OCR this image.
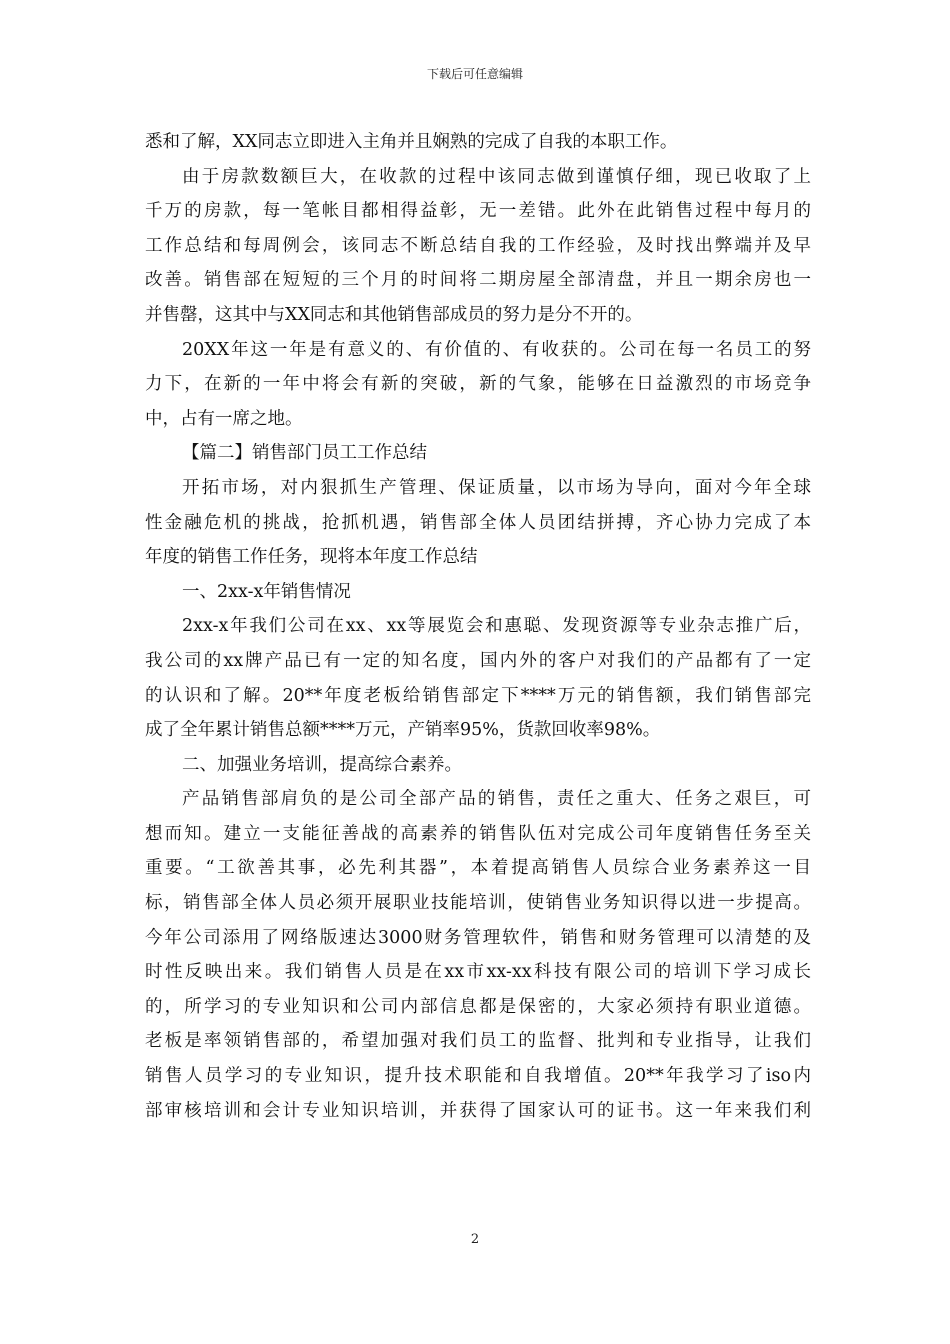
下载后可任意编辑
悉和了解，XX同志立即进入主角并且娴熟的完成了自我的本职工作。
由于房款数额巨大，在收款的过程中该同志做到谨慎仔细，现已收取了上
千万的房款，每一笔帐目都相得益彰，无一差错。此外在此销售过程中每月的
工作总结和每周例会，该同志不断总结自我的工作经验，及时找出弊端并及早
改善。销售部在短短的三个月的时间将二期房屋全部清盘，并且一期余房也一
并售罄，这其中与XX同志和其他销售部成员的努力是分不开的。
20XX年这一年是有意义的、有价值的、有收获的。公司在每一名员工的努
力下，在新的一年中将会有新的突破，新的气象，能够在日益激烈的市场竞争
中，占有一席之地。
【篇二】销售部门员工工作总结
开拓市场，对内狠抓生产管理、保证质量，以市场为导向，面对今年全球
性金融危机的挑战，抢抓机遇，销售部全体人员团结拼搏，齐心协力完成了本
年度的销售工作任务，现将本年度工作总结
一、2xx-x年销售情况
2xx-x年我们公司在xx、xx等展览会和惠聪、发现资源等专业杂志推广后，
我公司的xx牌产品已有一定的知名度，国内外的客户对我们的产品都有了一定
的认识和了解。20**年度老板给销售部定下****万元的销售额，我们销售部完
成了全年累计销售总额****万元，产销率95%，货款回收率98%。
二、加强业务培训，提高综合素养。
产品销售部肩负的是公司全部产品的销售，责任之重大、任务之艰巨，可
想而知。建立一支能征善战的高素养的销售队伍对完成公司年度销售任务至关
重要。“工欲善其事，必先利其器”，本着提高销售人员综合业务素养这一目
标，销售部全体人员必须开展职业技能培训，使销售业务知识得以进一步提高。
今年公司添用了网络版速达3000财务管理软件，销售和财务管理可以清楚的及
时性反映出来。我们销售人员是在xx市xx-xx科技有限公司的培训下学习成长
的，所学习的专业知识和公司内部信息都是保密的，大家必须持有职业道德。
老板是率领销售部的，希望加强对我们员工的监督、批判和专业指导，让我们
销售人员学习的专业知识，提升技术职能和自我增值。20**年我学习了iso内
部审核培训和会计专业知识培训，并获得了国家认可的证书。这一年来我们利
2
